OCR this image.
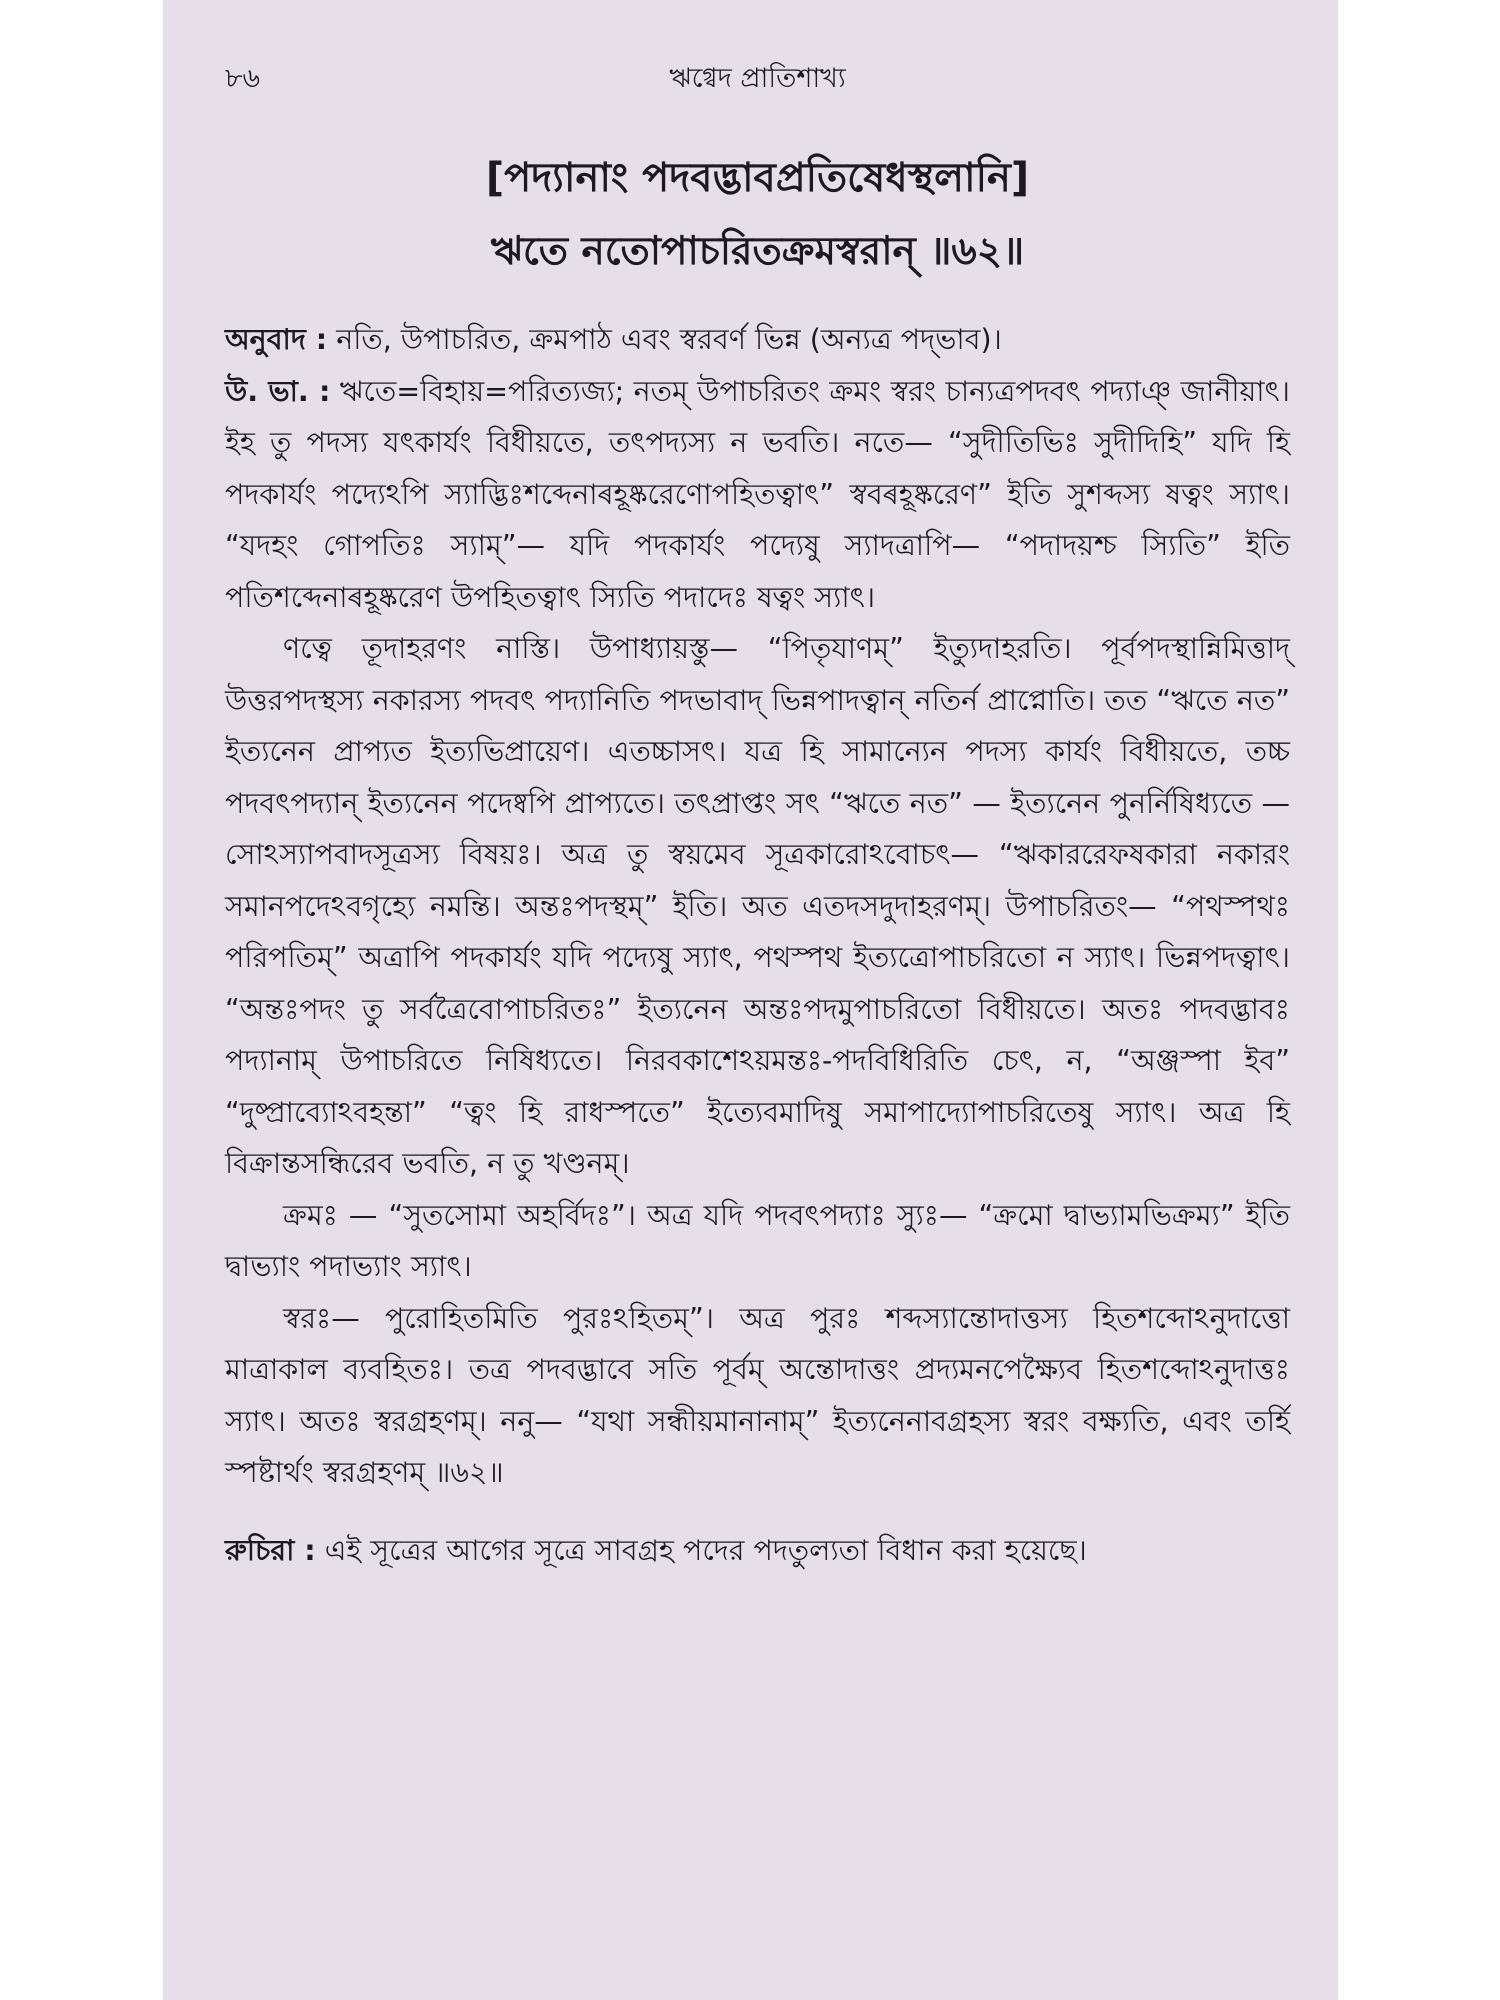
৮৬	ঋগ্বেদ প্রাতিশাখ্য
[পদ্যানাং পদবদ্ভাবপ্রতিষেধস্থলানি]
ঋতে নতোপাচরিতক্রমস্বরান্ ॥৬২॥

অনুবাদ : নতি, উপাচরিত, ক্রমপাঠ এবং স্বরবর্ণ ভিন্ন (অন্যত্র পদ্‌ভাব)।

উ. ভা. : ঋতে=বিহায়=পরিত্যজ্য; নতম্ উপাচরিতং ক্রমং স্বরং চান্যত্রপদবৎ পদ্যাঞ্ জানীয়াৎ। ইহ তু পদস্য যৎকার্যং বিধীয়তে, তৎপদ্যস্য ন ভবতি। নতে— “সুদীতিভিঃ সুদীদিহি” যদি হি পদকার্যং পদ্যেঽপি স্যাদ্ভিঃশব্দেনাৰহূষ্করেণোপহিতত্বাৎ” স্ববৰহূষ্করেণ” ইতি সুশব্দস্য ষত্বং স্যাৎ। “যদহং গোপতিঃ স্যাম্”— যদি পদকার্যং পদ্যেষু স্যাদত্রাপি— “পদাদয়শ্চ স্যিতি” ইতি পতিশব্দেনাৰহূষ্করেণ উপহিতত্বাৎ স্যিতি পদাদেঃ ষত্বং স্যাৎ।

ণত্বে তূদাহরণং নাস্তি। উপাধ্যায়স্তু— “পিতৃযাণম্” ইত্যুদাহরতি। পূর্বপদস্থান্নিমিত্তাদ্ উত্তরপদস্থস্য নকারস্য পদবৎ পদ্যানিতি পদভাবাদ্ ভিন্নপাদত্বান্ নতির্ন প্রাপ্নোতি। তত “ঋতে নত” ইত্যনেন প্রাপ্যত ইত্যভিপ্রায়েণ। এতচ্চাসৎ। যত্র হি সামান্যেন পদস্য কার্যং বিধীয়তে, তচ্চ পদবৎপদ্যান্ ইত্যনেন পদেষ্বপি প্রাপ্যতে। তৎপ্রাপ্তং সৎ “ঋতে নত” — ইত্যনেন পুনর্নিষিধ্যতে — সোঽস্যাপবাদসূত্রস্য বিষয়ঃ। অত্র তু স্বয়মেব সূত্রকারোঽবোচৎ— “ঋকাররেফষকারা নকারং সমানপদেঽবগৃহ্যে নমন্তি। অন্তঃপদস্থম্” ইতি। অত এতদসদুদাহরণম্। উপাচরিতং— “পথস্পথঃ পরিপতিম্” অত্রাপি পদকার্যং যদি পদ্যেষু স্যাৎ, পথস্পথ ইত্যত্রোপাচরিতো ন স্যাৎ। ভিন্নপদত্বাৎ। “অন্তঃপদং তু সর্বত্রৈবোপাচরিতঃ” ইত্যনেন অন্তঃপদমুপাচরিতো বিধীয়তে। অতঃ পদবদ্ভাবঃ পদ্যানাম্ উপাচরিতে নিষিধ্যতে। নিরবকাশেঽয়মন্তঃ-পদবিধিরিতি চেৎ, ন, “অঞ্জস্পা ইব” “দুষ্প্রাব্যোঽবহন্তা” “ত্বং হি রাধস্পতে” ইত্যেবমাদিষু সমাপাদ্যোপাচরিতেষু স্যাৎ। অত্র হি বিক্রান্তসন্ধিরেব ভবতি, ন তু খণ্ডনম্।

ক্রমঃ — “সুতসোমা অহর্বিদঃ”। অত্র যদি পদবৎপদ্যাঃ স্যুঃ— “ক্রমো দ্বাভ্যামভিক্রম্য” ইতি দ্বাভ্যাং পদাভ্যাং স্যাৎ।

স্বরঃ— পুরোহিতমিতি পুরঃঽহিতম্”। অত্র পুরঃ শব্দস্যান্তোদাত্তস্য হিতশব্দোঽনুদাত্তো মাত্রাকাল ব্যবহিতঃ। তত্র পদবদ্ভাবে সতি পূর্বম্ অন্তোদাত্তং প্রদ্যমনপেক্ষ্যৈব হিতশব্দোঽনুদাত্তঃ স্যাৎ। অতঃ স্বরগ্রহণম্। ননু— “যথা সন্ধীয়মানানাম্” ইত্যনেনাবগ্রহস্য স্বরং বক্ষ্যতি, এবং তর্হি স্পষ্টার্থং স্বরগ্রহণম্ ॥৬২॥

রুচিরা : এই সূত্রের আগের সূত্রে সাবগ্রহ পদের পদতুল্যতা বিধান করা হয়েছে।
